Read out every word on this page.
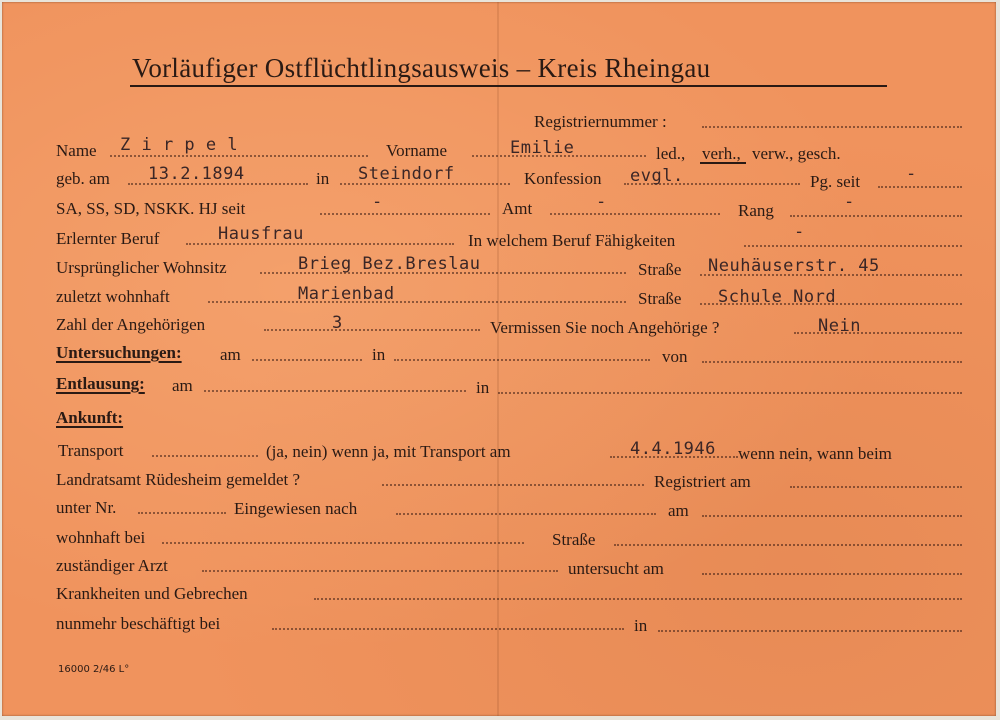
Vorläufiger Ostflüchtlingsausweis – Kreis Rheingau
Registriernummer :
Name Z i r p e l	Vorname	Emilie	led., verh., verw., gesch.
geb. am 13.2.1894	in Steindorf	Konfession evgl.	Pg. seit	-
SA, SS, SD, NSKK. HJ seit	-	Amt	-	Rang	-
Erlernter Beruf	Hausfrau	In welchem Beruf Fähigkeiten	-
Ursprünglicher Wohnsitz	Brieg Bez.Breslau	Straße Neuhäuserstr. 45
zuletzt wohnhaft	Marienbad	Straße Schule Nord
Zahl der Angehörigen	3	Vermissen Sie noch Angehörige ?	Nein
Untersuchungen: am	in	von
Entlausung: am	in
Ankunft:
Transport	(ja, nein) wenn ja, mit Transport am	4.4.1946 wenn nein, wann beim
Landratsamt Rüdesheim gemeldet ?	Registriert am
unter Nr.	Eingewiesen nach	am
wohnhaft bei	Straße
zuständiger Arzt	untersucht am
Krankheiten und Gebrechen
nunmehr beschäftigt bei	in
16000 2/46 L°
